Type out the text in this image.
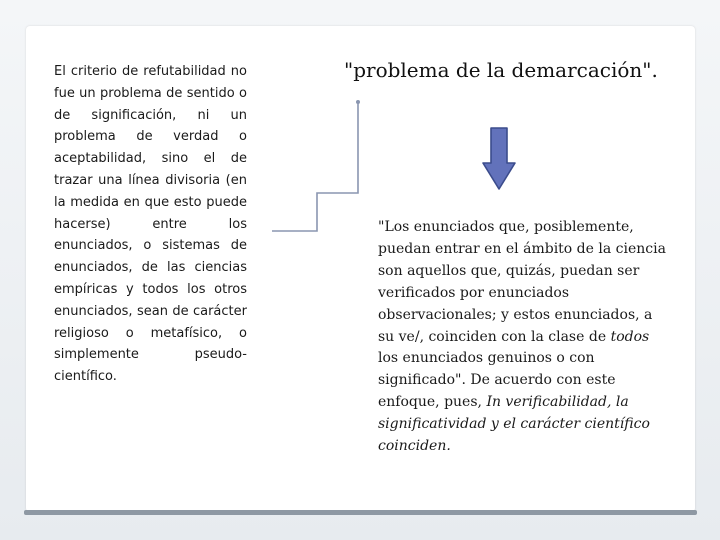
El criterio de refutabilidad no fue un problema de sentido o de significación, ni un problema de verdad o aceptabilidad, sino el de trazar una línea divisoria (en la medida en que esto puede hacerse) entre los enunciados, o sistemas de enunciados, de las ciencias empíricas y todos los otros enunciados, sean de carácter religioso o metafísico, o simplemente pseudo-científico.
"problema de la demarcación".
"Los enunciados que, posiblemente, puedan entrar en el ámbito de la ciencia son aquellos que, quizás, puedan ser verificados por enunciados observacionales; y estos enunciados, a su ve/, coinciden con la clase de todos los enunciados genuinos o con significado". De acuerdo con este enfoque, pues, In verificabilidad, la significatividad y el carácter científico coinciden.
